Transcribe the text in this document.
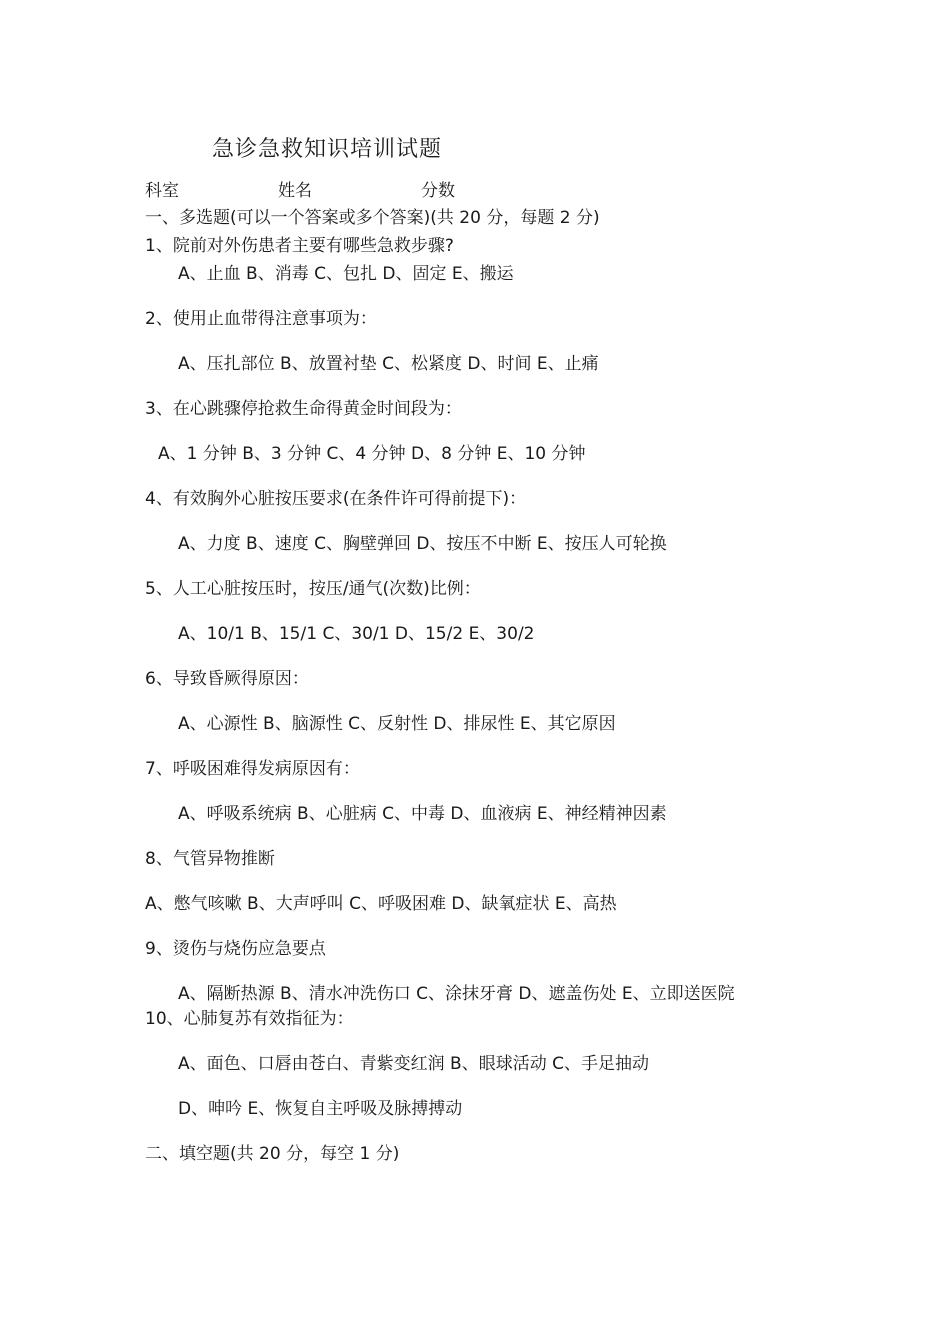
急诊急救知识培训试题
科室	姓名	分数
一、多选题(可以一个答案或多个答案)(共 20 分，每题 2 分)
1、院前对外伤患者主要有哪些急救步骤?
A、止血 B、消毒 C、包扎 D、固定 E、搬运
2、使用止血带得注意事项为：
A、压扎部位 B、放置衬垫 C、松紧度 D、时间 E、止痛
3、在心跳骤停抢救生命得黄金时间段为：
A、1 分钟 B、3 分钟 C、4 分钟 D、8 分钟 E、10 分钟
4、有效胸外心脏按压要求(在条件许可得前提下)：
A、力度 B、速度 C、胸壁弹回 D、按压不中断 E、按压人可轮换
5、人工心脏按压时，按压/通气(次数)比例：
A、10/1 B、15/1 C、30/1 D、15/2 E、30/2
6、导致昏厥得原因：
A、心源性 B、脑源性 C、反射性 D、排尿性 E、其它原因
7、呼吸困难得发病原因有：
A、呼吸系统病 B、心脏病 C、中毒 D、血液病 E、神经精神因素
8、气管异物推断
A、憋气咳嗽 B、大声呼叫 C、呼吸困难 D、缺氧症状 E、高热
9、烫伤与烧伤应急要点
A、隔断热源 B、清水冲洗伤口 C、涂抹牙膏 D、遮盖伤处 E、立即送医院
10、心肺复苏有效指征为：
A、面色、口唇由苍白、青紫变红润 B、眼球活动 C、手足抽动
D、呻吟 E、恢复自主呼吸及脉搏搏动
二、填空题(共 20 分，每空 1 分)
